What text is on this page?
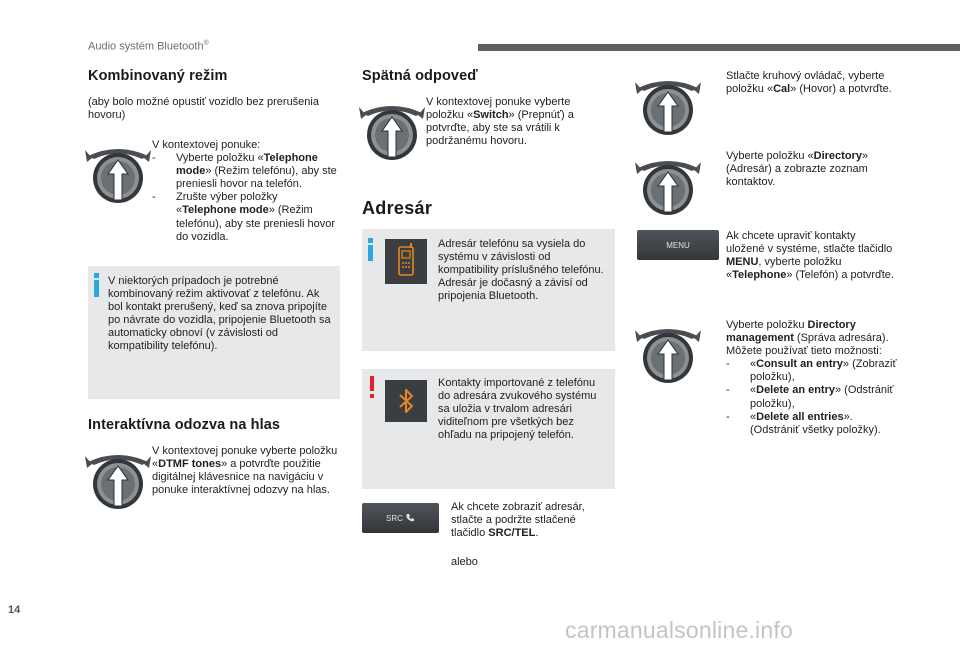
Audio systém Bluetooth®
Kombinovaný režim
(aby bolo možné opustiť vozidlo bez prerušenia hovoru)
V kontextovej ponuke:
-	Vyberte položku «Telephone mode» (Režim telefónu), aby ste preniesli hovor na telefón.
-	Zrušte výber položky «Telephone mode» (Režim telefónu), aby ste preniesli hovor do vozidla.
V niektorých prípadoch je potrebné kombinovaný režim aktivovať z telefónu. Ak bol kontakt prerušený, keď sa znova pripojíte po návrate do vozidla, pripojenie Bluetooth sa automaticky obnoví (v závislosti od kompatibility telefónu).
Interaktívna odozva na hlas
V kontextovej ponuke vyberte položku «DTMF tones» a potvrďte použitie digitálnej klávesnice na navigáciu v ponuke interaktívnej odozvy na hlas.
Spätná odpoveď
V kontextovej ponuke vyberte položku «Switch» (Prepnúť) a potvrďte, aby ste sa vrátili k podržanému hovoru.
Adresár
Adresár telefónu sa vysiela do systému v závislosti od kompatibility príslušného telefónu. Adresár je dočasný a závisí od pripojenia Bluetooth.
Kontakty importované z telefónu do adresára zvukového systému sa uložia v trvalom adresári viditeľnom pre všetkých bez ohľadu na pripojený telefón.
SRC
Ak chcete zobraziť adresár, stlačte a podržte stlačené tlačidlo SRC/TEL.
alebo
Stlačte kruhový ovládač, vyberte položku «Cal» (Hovor) a potvrďte.
Vyberte položku «Directory» (Adresár) a zobrazte zoznam kontaktov.
MENU
Ak chcete upraviť kontakty uložené v systéme, stlačte tlačidlo MENU, vyberte položku «Telephone» (Telefón) a potvrďte.
Vyberte položku Directory management (Správa adresára).
Môžete používať tieto možnosti:
-	«Consult an entry» (Zobraziť položku),
-	«Delete an entry» (Odstrániť položku),
-	«Delete all entries». (Odstrániť všetky položky).
14
carmanualsonline.info
